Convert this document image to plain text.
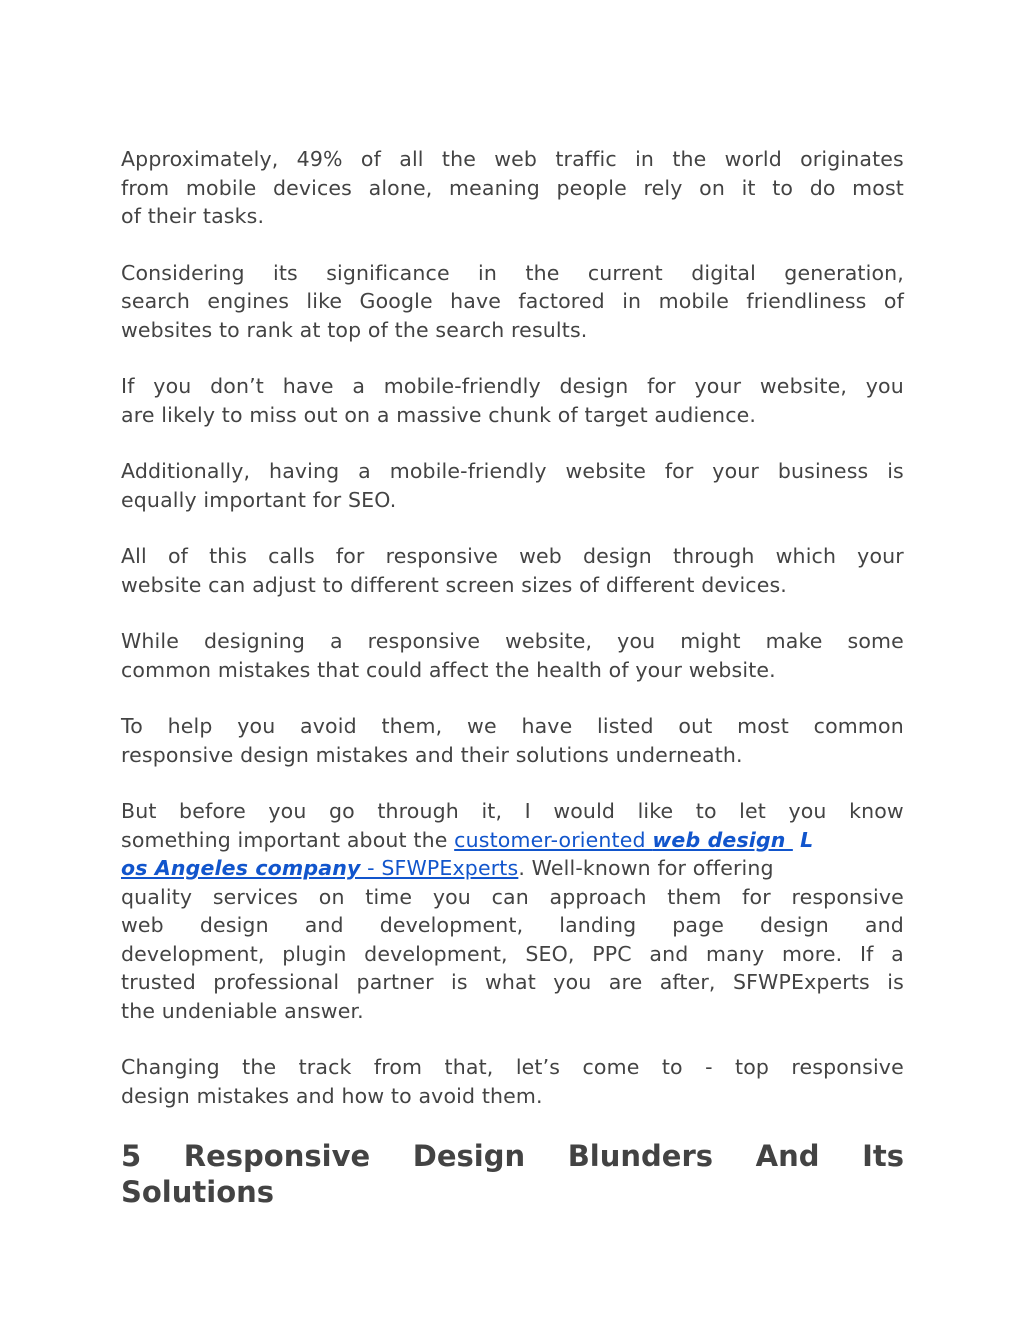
Approximately, 49% of all the web traffic in the world originates
from mobile devices alone, meaning people rely on it to do most
of their tasks.

Considering its significance in the current digital generation,
search engines like Google have factored in mobile friendliness of
websites to rank at top of the search results.

If you don’t have a mobile-friendly design for your website, you
are likely to miss out on a massive chunk of target audience.

Additionally, having a mobile-friendly website for your business is
equally important for SEO.

All of this calls for responsive web design through which your
website can adjust to different screen sizes of different devices.

While designing a responsive website, you might make some
common mistakes that could affect the health of your website.

To help you avoid them, we have listed out most common
responsive design mistakes and their solutions underneath.

But before you go through it, I would like to let you know
something important about the customer-oriented web design  L
os Angeles company - SFWPExperts. Well-known for offering
quality services on time you can approach them for responsive
web design and development, landing page design and
development, plugin development, SEO, PPC and many more. If a
trusted professional partner is what you are after, SFWPExperts is
the undeniable answer.

Changing the track from that, let’s come to - top responsive
design mistakes and how to avoid them.

5 Responsive Design Blunders And Its
Solutions
